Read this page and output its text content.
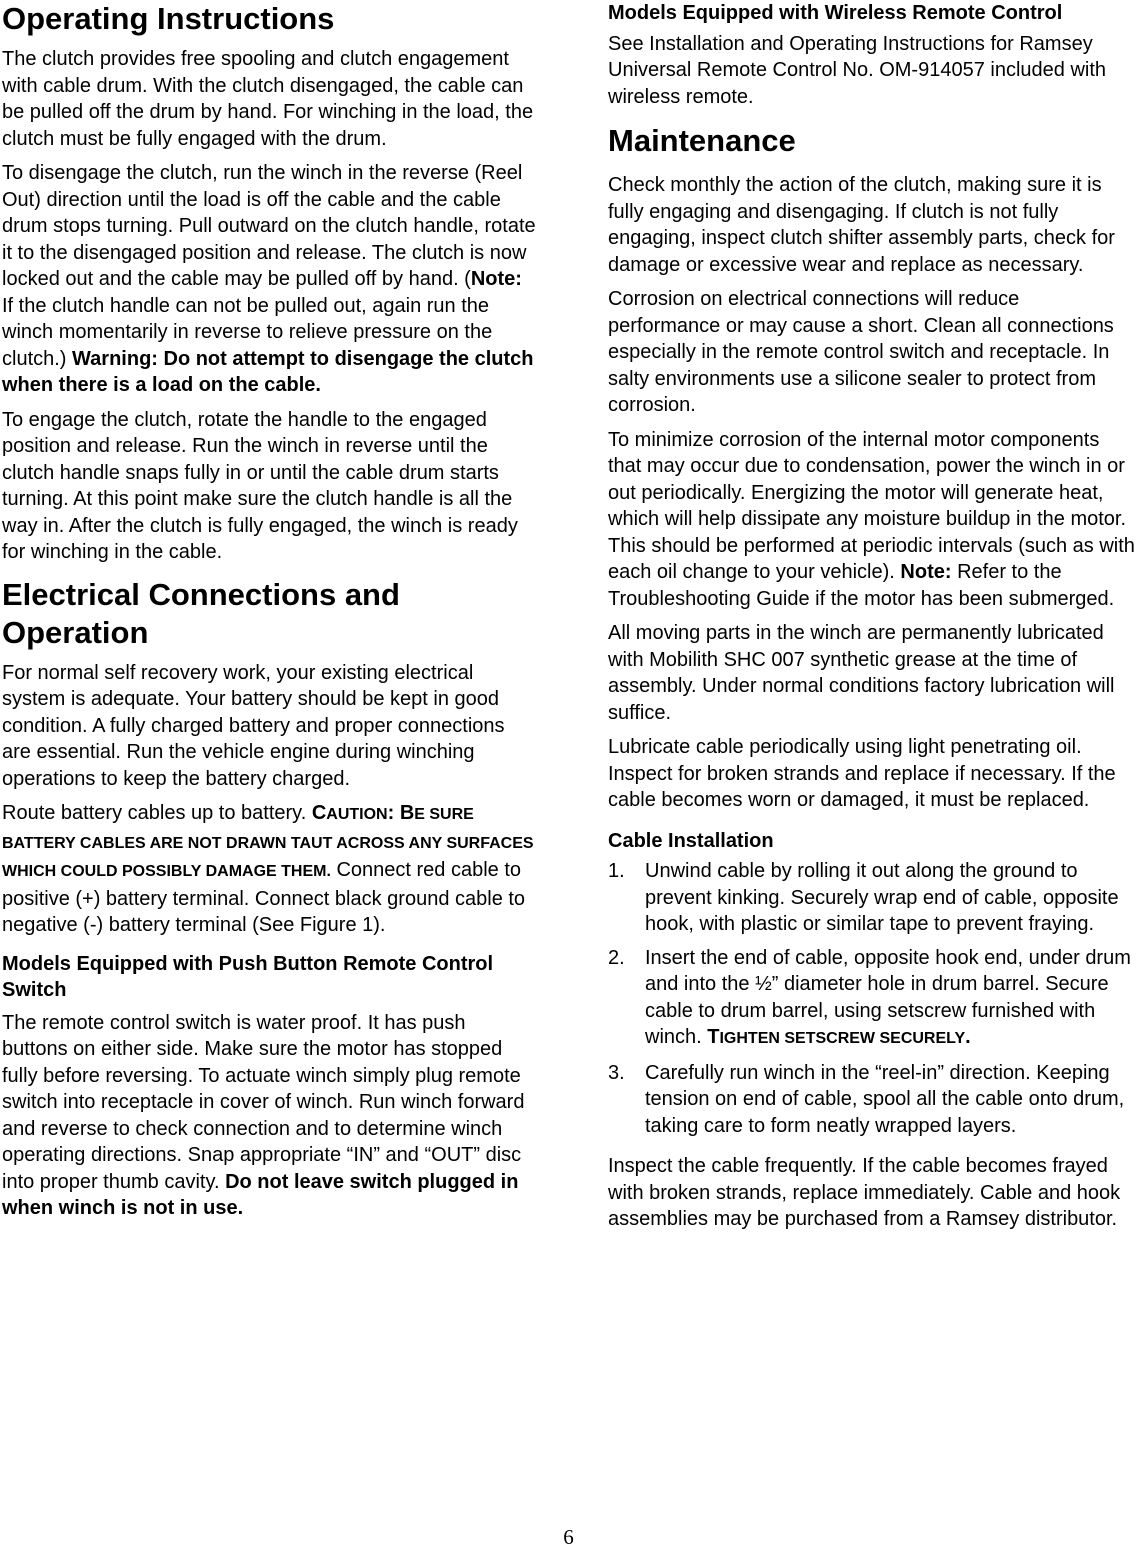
Operating Instructions

The clutch provides free spooling and clutch engagement with cable drum. With the clutch disengaged, the cable can be pulled off the drum by hand. For winching in the load, the clutch must be fully engaged with the drum.

To disengage the clutch, run the winch in the reverse (Reel Out) direction until the load is off the cable and the cable drum stops turning. Pull outward on the clutch handle, rotate it to the disengaged position and release. The clutch is now locked out and the cable may be pulled off by hand. (Note: If the clutch handle can not be pulled out, again run the winch momentarily in reverse to relieve pressure on the clutch.) Warning: Do not attempt to disengage the clutch when there is a load on the cable.

To engage the clutch, rotate the handle to the engaged position and release. Run the winch in reverse until the clutch handle snaps fully in or until the cable drum starts turning. At this point make sure the clutch handle is all the way in. After the clutch is fully engaged, the winch is ready for winching in the cable.

Electrical Connections and Operation

For normal self recovery work, your existing electrical system is adequate. Your battery should be kept in good condition. A fully charged battery and proper connections are essential. Run the vehicle engine during winching operations to keep the battery charged.

Route battery cables up to battery. CAUTION: BE SURE BATTERY CABLES ARE NOT DRAWN TAUT ACROSS ANY SURFACES WHICH COULD POSSIBLY DAMAGE THEM. Connect red cable to positive (+) battery terminal. Connect black ground cable to negative (-) battery terminal (See Figure 1).

Models Equipped with Push Button Remote Control Switch

The remote control switch is water proof. It has push buttons on either side. Make sure the motor has stopped fully before reversing. To actuate winch simply plug remote switch into receptacle in cover of winch. Run winch forward and reverse to check connection and to determine winch operating directions. Snap appropriate “IN” and “OUT” disc into proper thumb cavity. Do not leave switch plugged in when winch is not in use.

Models Equipped with Wireless Remote Control

See Installation and Operating Instructions for Ramsey Universal Remote Control No. OM-914057 included with wireless remote.

Maintenance

Check monthly the action of the clutch, making sure it is fully engaging and disengaging. If clutch is not fully engaging, inspect clutch shifter assembly parts, check for damage or excessive wear and replace as necessary.

Corrosion on electrical connections will reduce performance or may cause a short. Clean all connections especially in the remote control switch and receptacle. In salty environments use a silicone sealer to protect from corrosion.

To minimize corrosion of the internal motor components that may occur due to condensation, power the winch in or out periodically. Energizing the motor will generate heat, which will help dissipate any moisture buildup in the motor. This should be performed at periodic intervals (such as with each oil change to your vehicle). Note: Refer to the Troubleshooting Guide if the motor has been submerged.

All moving parts in the winch are permanently lubricated with Mobilith SHC 007 synthetic grease at the time of assembly. Under normal conditions factory lubrication will suffice.

Lubricate cable periodically using light penetrating oil. Inspect for broken strands and replace if necessary. If the cable becomes worn or damaged, it must be replaced.

Cable Installation
1. Unwind cable by rolling it out along the ground to prevent kinking. Securely wrap end of cable, opposite hook, with plastic or similar tape to prevent fraying.
2. Insert the end of cable, opposite hook end, under drum and into the ½” diameter hole in drum barrel. Secure cable to drum barrel, using setscrew furnished with winch. TIGHTEN SETSCREW SECURELY.
3. Carefully run winch in the “reel-in” direction. Keeping tension on end of cable, spool all the cable onto drum, taking care to form neatly wrapped layers.

Inspect the cable frequently. If the cable becomes frayed with broken strands, replace immediately. Cable and hook assemblies may be purchased from a Ramsey distributor.

6
